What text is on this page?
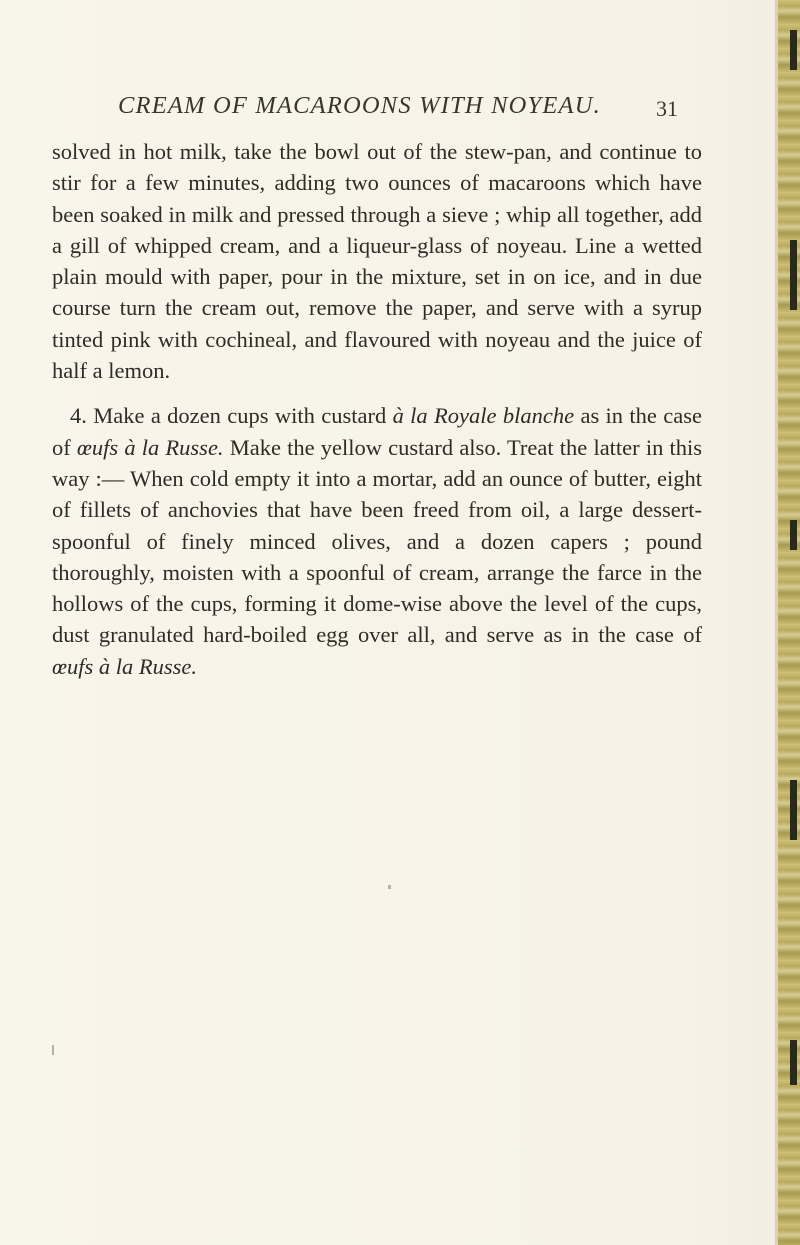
CREAM OF MACAROONS WITH NOYEAU.	31

solved in hot milk, take the bowl out of the stew-pan, and continue to stir for a few minutes, adding two ounces of macaroons which have been soaked in milk and pressed through a sieve ; whip all together, add a gill of whipped cream, and a liqueur-glass of noyeau. Line a wetted plain mould with paper, pour in the mixture, set in on ice, and in due course turn the cream out, remove the paper, and serve with a syrup tinted pink with cochineal, and flavoured with noyeau and the juice of half a lemon.

4. Make a dozen cups with custard à la Royale blanche as in the case of œufs à la Russe. Make the yellow custard also. Treat the latter in this way :— When cold empty it into a mortar, add an ounce of butter, eight of fillets of anchovies that have been freed from oil, a large dessert-spoonful of finely minced olives, and a dozen capers ; pound thoroughly, moisten with a spoonful of cream, arrange the farce in the hollows of the cups, forming it dome-wise above the level of the cups, dust granulated hard-boiled egg over all, and serve as in the case of œufs à la Russe.
